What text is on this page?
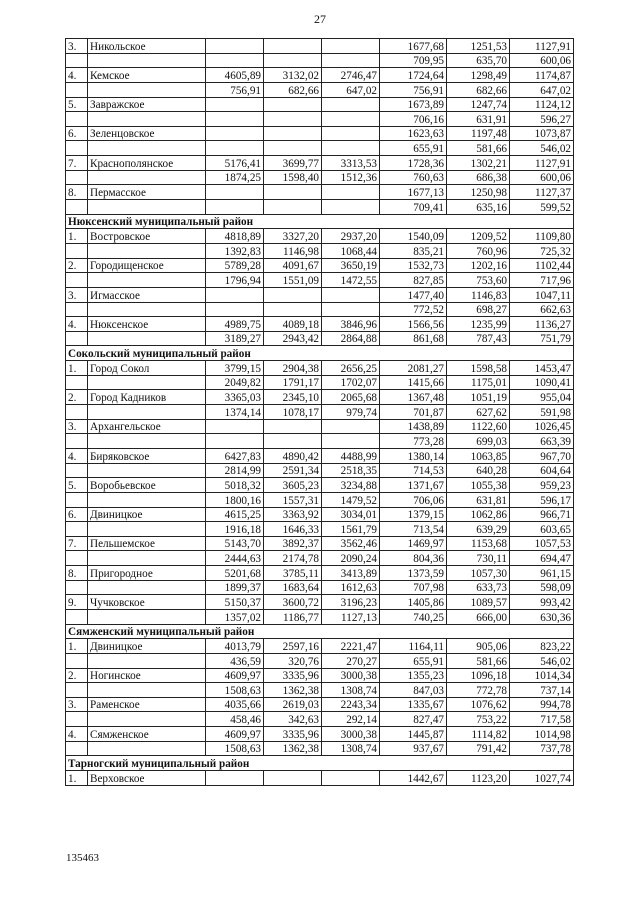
27
3.	Никольское				1677,68	1251,53	1127,91
					709,95	635,70	600,06
4.	Кемское	4605,89	3132,02	2746,47	1724,64	1298,49	1174,87
		756,91	682,66	647,02	756,91	682,66	647,02
5.	Завражское				1673,89	1247,74	1124,12
					706,16	631,91	596,27
6.	Зеленцовское				1623,63	1197,48	1073,87
					655,91	581,66	546,02
7.	Краснополянское	5176,41	3699,77	3313,53	1728,36	1302,21	1127,91
		1874,25	1598,40	1512,36	760,63	686,38	600,06
8.	Пермасское				1677,13	1250,98	1127,37
					709,41	635,16	599,52
Нюксенский муниципальный район							
1.	Востровское	4818,89	3327,20	2937,20	1540,09	1209,52	1109,80
		1392,83	1146,98	1068,44	835,21	760,96	725,32
2.	Городищенское	5789,28	4091,67	3650,19	1532,73	1202,16	1102,44
		1796,94	1551,09	1472,55	827,85	753,60	717,96
3.	Игмасское				1477,40	1146,83	1047,11
					772,52	698,27	662,63
4.	Нюксенское	4989,75	4089,18	3846,96	1566,56	1235,99	1136,27
		3189,27	2943,42	2864,88	861,68	787,43	751,79
Сокольский муниципальный район							
1.	Город Сокол	3799,15	2904,38	2656,25	2081,27	1598,58	1453,47
		2049,82	1791,17	1702,07	1415,66	1175,01	1090,41
2.	Город Кадников	3365,03	2345,10	2065,68	1367,48	1051,19	955,04
		1374,14	1078,17	979,74	701,87	627,62	591,98
3.	Архангельское				1438,89	1122,60	1026,45
					773,28	699,03	663,39
4.	Биряковское	6427,83	4890,42	4488,99	1380,14	1063,85	967,70
		2814,99	2591,34	2518,35	714,53	640,28	604,64
5.	Воробьевское	5018,32	3605,23	3234,88	1371,67	1055,38	959,23
		1800,16	1557,31	1479,52	706,06	631,81	596,17
6.	Двиницкое	4615,25	3363,92	3034,01	1379,15	1062,86	966,71
		1916,18	1646,33	1561,79	713,54	639,29	603,65
7.	Пельшемское	5143,70	3892,37	3562,46	1469,97	1153,68	1057,53
		2444,63	2174,78	2090,24	804,36	730,11	694,47
8.	Пригородное	5201,68	3785,11	3413,89	1373,59	1057,30	961,15
		1899,37	1683,64	1612,63	707,98	633,73	598,09
9.	Чучковское	5150,37	3600,72	3196,23	1405,86	1089,57	993,42
		1357,02	1186,77	1127,13	740,25	666,00	630,36
Сямженский муниципальный район							
1.	Двиницкое	4013,79	2597,16	2221,47	1164,11	905,06	823,22
		436,59	320,76	270,27	655,91	581,66	546,02
2.	Ногинское	4609,97	3335,96	3000,38	1355,23	1096,18	1014,34
		1508,63	1362,38	1308,74	847,03	772,78	737,14
3.	Раменское	4035,66	2619,03	2243,34	1335,67	1076,62	994,78
		458,46	342,63	292,14	827,47	753,22	717,58
4.	Сямженское	4609,97	3335,96	3000,38	1445,87	1114,82	1014,98
		1508,63	1362,38	1308,74	937,67	791,42	737,78
Тарногский муниципальный район							
1.	Верховское				1442,67	1123,20	1027,74
135463
